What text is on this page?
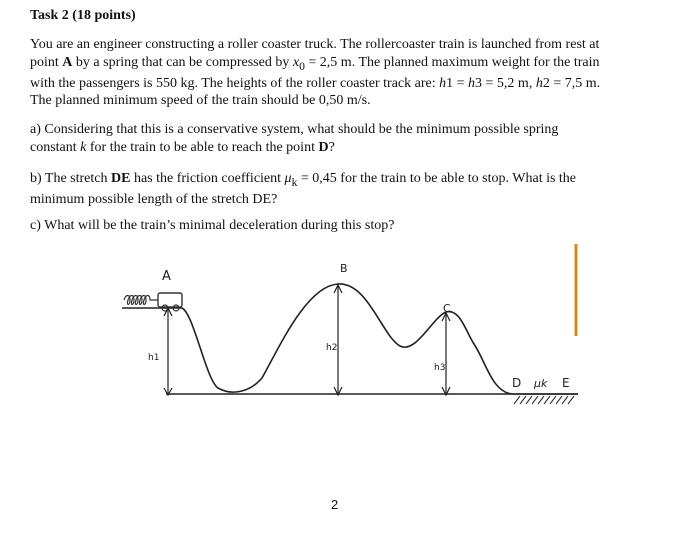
Task 2 (18 points)
You are an engineer constructing a roller coaster truck. The rollercoaster train is launched from rest at
point A by a spring that can be compressed by $x_0 = 2,5$ m. The planned maximum weight for the train
with the passengers is 550 kg. The heights of the roller coaster track are: h1 = h3 = 5,2 m, h2 = 7,5 m.
The planned minimum speed of the train should be 0,50 m/s.
a) Considering that this is a conservative system, what should be the minimum possible spring
constant k for the train to be able to reach the point D?
b) The stretch DE has the friction coefficient $\mu_k = 0,45$ for the train to be able to stop. What is the
minimum possible length of the stretch DE?
c) What will be the train’s minimal deceleration during this stop?
A
B
C
h1
h2
h3
D μk E
2
